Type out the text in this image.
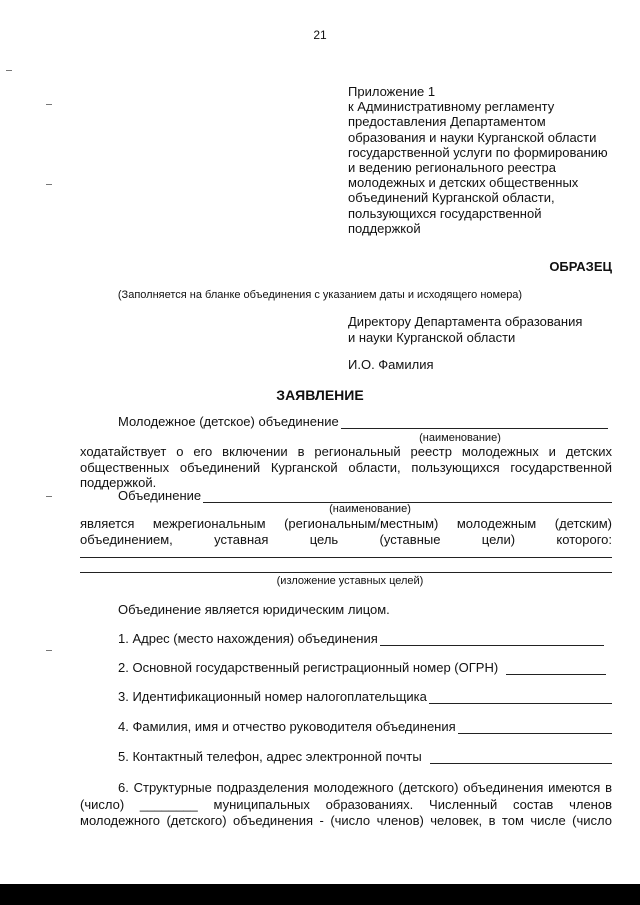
21
Приложение 1
к Административному регламенту
предоставления Департаментом
образования и науки Курганской области
государственной услуги по формированию
и ведению регионального реестра
молодежных и детских общественных
объединений Курганской области,
пользующихся государственной
поддержкой
ОБРАЗЕЦ
(Заполняется на бланке объединения с указанием даты и исходящего номера)
Директору Департамента образования
и науки Курганской области
И.О. Фамилия
ЗАЯВЛЕНИЕ
Молодежное (детское) объединение
(наименование)
ходатайствует о его включении в региональный реестр молодежных и детских
общественных объединений Курганской области, пользующихся государственной
поддержкой.
Объединение
(наименование)
является межрегиональным (региональным/местным) молодежным (детским)
объединением, уставная цель (уставные цели) которого:
(изложение уставных целей)
Объединение является юридическим лицом.
1. Адрес (место нахождения) объединения
2. Основной государственный регистрационный номер (ОГРН)
3. Идентификационный номер налогоплательщика
4. Фамилия, имя и отчество руководителя объединения
5. Контактный телефон, адрес электронной почты
6. Структурные подразделения молодежного (детского) объединения имеются в
(число) ________ муниципальных образованиях. Численный состав членов
молодежного (детского) объединения - (число членов) человек, в том числе (число
